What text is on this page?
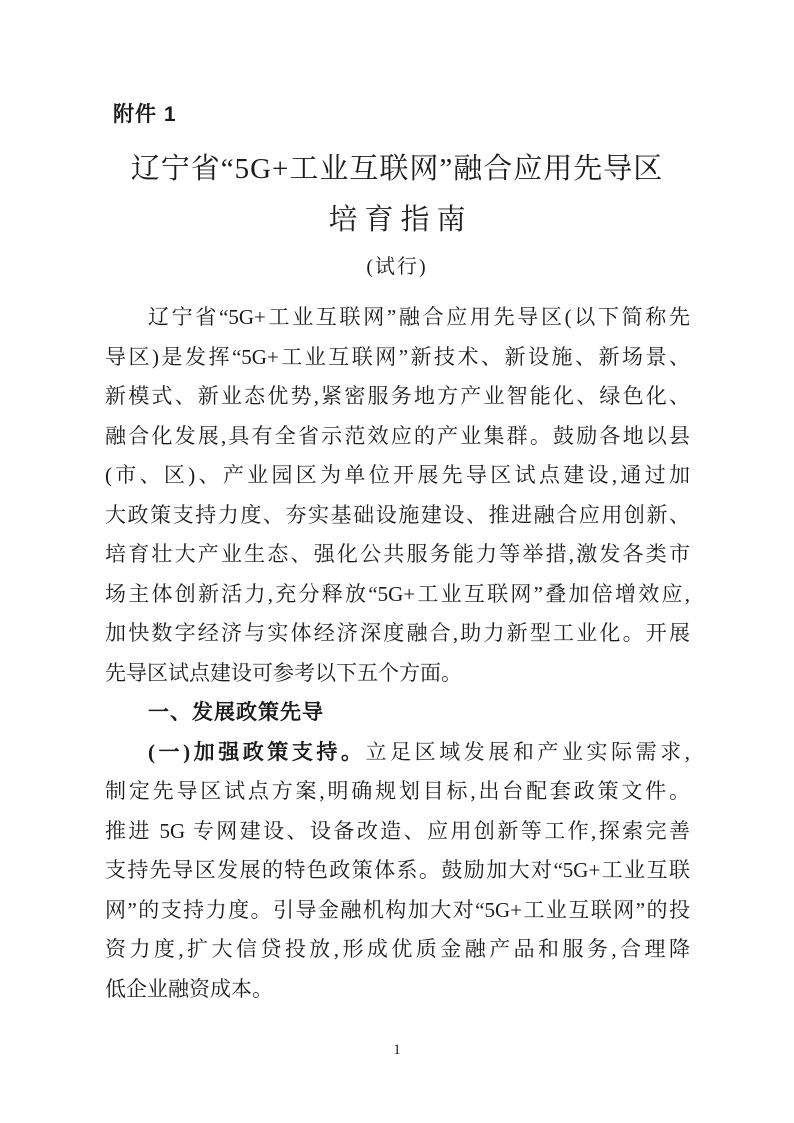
附件 1
辽宁省“5G+工业互联网”融合应用先导区
培育指南
(试行)
辽宁省“5G+工业互联网”融合应用先导区(以下简称先
导区)是发挥“5G+工业互联网”新技术、新设施、新场景、
新模式、新业态优势,紧密服务地方产业智能化、绿色化、
融合化发展,具有全省示范效应的产业集群。鼓励各地以县
(市、区)、产业园区为单位开展先导区试点建设,通过加
大政策支持力度、夯实基础设施建设、推进融合应用创新、
培育壮大产业生态、强化公共服务能力等举措,激发各类市
场主体创新活力,充分释放“5G+工业互联网”叠加倍增效应,
加快数字经济与实体经济深度融合,助力新型工业化。开展
先导区试点建设可参考以下五个方面。
一、发展政策先导
(一)加强政策支持。立足区域发展和产业实际需求,
制定先导区试点方案,明确规划目标,出台配套政策文件。
推进 5G 专网建设、设备改造、应用创新等工作,探索完善
支持先导区发展的特色政策体系。鼓励加大对“5G+工业互联
网”的支持力度。引导金融机构加大对“5G+工业互联网”的投
资力度,扩大信贷投放,形成优质金融产品和服务,合理降
低企业融资成本。
1
